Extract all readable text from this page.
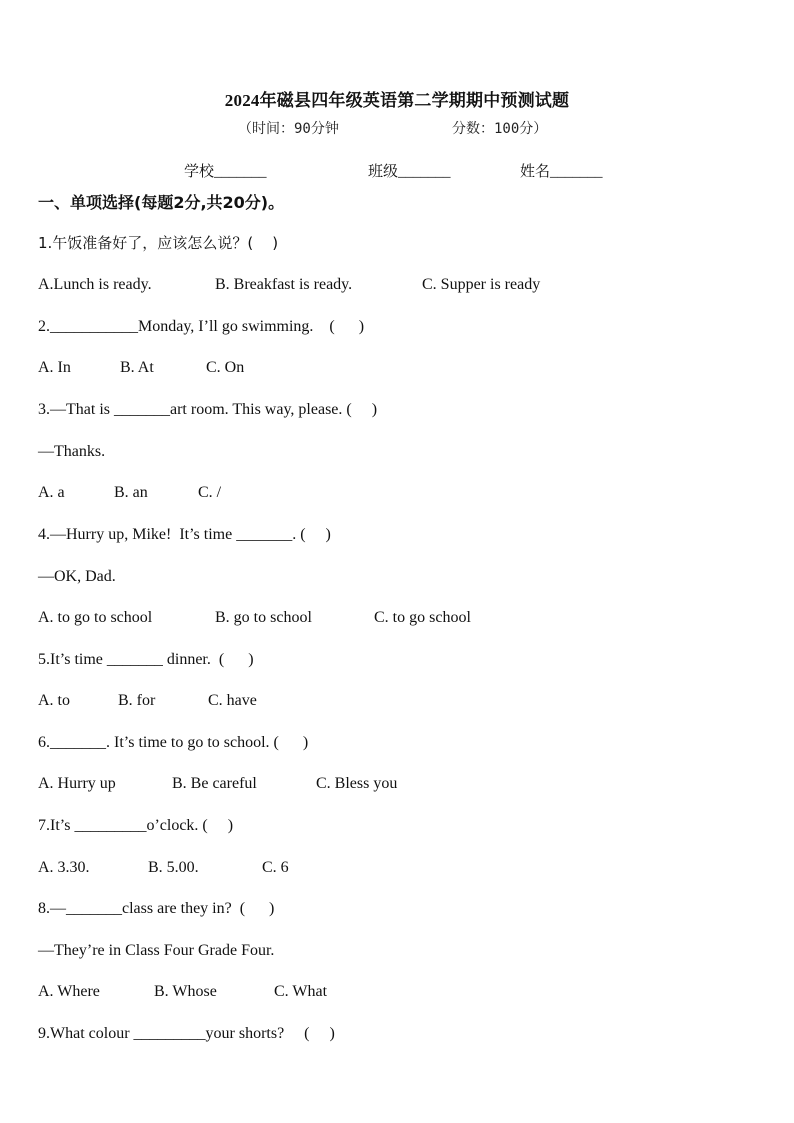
2024年磁县四年级英语第二学期期中预测试题
（时间：90分钟	分数：100分）
学校_______	班级_______	姓名_______
一、单项选择(每题2分,共20分)。
1.午饭准备好了，应该怎么说？(    )
A.Lunch is ready.	B. Breakfast is ready.	C. Supper is ready
2.___________Monday, I’ll go swimming.    (      )
A. In	B. At	C. On
3.—That is _______art room. This way, please. (     )
—Thanks.
A. a	B. an	C. /
4.—Hurry up, Mike!  It’s time _______. (     )
—OK, Dad.
A. to go to school	B. go to school	C. to go school
5.It’s time _______ dinner.  (      )
A. to	B. for	C. have
6._______. It’s time to go to school. (      )
A. Hurry up	B. Be careful	C. Bless you
7.It’s _________o’clock. (     )
A. 3.30.	B. 5.00.	C. 6
8.—_______class are they in?  (      )
—They’re in Class Four Grade Four.
A. Where	B. Whose	C. What
9.What colour _________your shorts?     (     )
